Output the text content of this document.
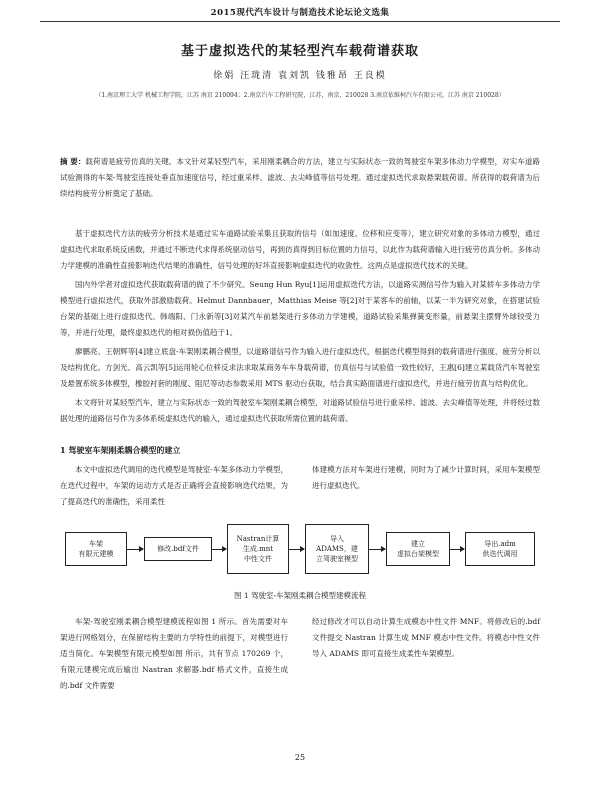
2015现代汽车设计与制造技术论坛论文选集
基于虚拟迭代的某轻型汽车载荷谱获取
徐娟 汪珑清 袁刘凯 钱雅昂 王良模
（1.南京理工大学 机械工程学院，江苏 南京 210094；2.南京汽车工程研究院，江苏，南京，210028 3.南京依维柯汽车有限公司，江苏 南京 210028）
摘 要：载荷谱是疲劳仿真的关键。本文针对某轻型汽车，采用刚柔耦合的方法，建立与实际状态一致的驾驶室车架多体动力学模型，对实车道路试验测得的车架-驾驶室连接处垂直加速度信号，经过重采样、滤波、去尖峰值等信号处理。通过虚拟迭代求取悬架载荷谱。所获得的载荷谱为后续结构疲劳分析奠定了基础。

基于虚拟迭代方法的疲劳分析技术是通过实车道路试验采集且获取的信号（如加速度、位移和应变等），建立研究对象的多体动力模型，通过虚拟迭代求取系统反函数，并通过不断迭代求得系统驱动信号，再到仿真得到目标位置的力信号，以此作为载荷谱输入进行疲劳仿真分析。多体动力学建模的准确性直接影响迭代结果的准确性，信号处理的好坏直接影响虚拟迭代的收敛性。这两点是虚拟迭代技术的关键。

国内外学者对虚拟迭代获取载荷谱的做了不少研究。Seung Hun Ryu[1]运用虚拟迭代方法，以道路实测信号作为输入对某轿车多体动力学模型进行虚拟迭代，获取外部激励载荷。Helmut Dannbauer，Matthias Meise 等[2]对于某客车的前轴，以某一半为研究对象，在搭建试验台架的基础上进行虚拟迭代。韩端阳、门永新等[3]对某汽车前悬架进行多体动力学建模，道路试验采集弹簧变形量，前悬架主摆臂外球铰受力等，并进行处理，最终虚拟迭代的相对损伤值趋于1。

廖鹏亮、王朝辉等[4]建立底盘-车架刚柔耦合模型，以道路谱信号作为输入进行虚拟迭代，根据迭代模型得到的载荷谱进行强度、疲劳分析以及结构优化。方剑光、高云凯等[5]运用轮心位移反求法求取某商务车车身载荷谱，仿真信号与试验值一致性较好，王惠[6]建立某载货汽车驾驶室及悬置系统多体模型，橡胶衬套的刚度、阻尼等动态参数采用 MTS 驱动台获取，结合真实路面谱进行虚拟迭代，并进行疲劳仿真与结构优化。

本文将针对某轻型汽车，建立与实际状态一致的驾驶室车架刚柔耦合模型，对道路试验信号进行重采样、滤波、去尖峰值等处理，并将经过数据处理的道路信号作为多体系统虚拟迭代的输入，通过虚拟迭代获取所需位置的载荷谱。

1 驾驶室车架刚柔耦合模型的建立

本文中虚拟迭代调用的迭代模型是驾驶室-车架多体动力学模型，在迭代过程中，车架的运动方式是否正确将会直接影响迭代结果，为了提高迭代的准确性，采用柔性

体建模方法对车架进行建模，同时为了减少计算时间，采用车架模型进行虚拟迭代。

车架
有限元建模
修改.bdf文件
Nastran计算
生成.mnt
中性文件
导入
ADAMS，建
立驾驶室模型
建立
虚拟台架模型
导出.adm
供迭代调用
图 1 驾驶室-车架刚柔耦合模型建模流程

车架-驾驶室刚柔耦合模型建模流程如图 1 所示。首先需要对车架进行网格划分，在保留结构主要的力学特性的前提下，对模型进行适当简化。车架模型有限元模型如图 所示，共有节点 170269 个，有限元建模完成后输出 Nastran 求解器.bdf 格式文件，直接生成的.bdf 文件需要

经过修改才可以自动计算生成模态中性文件 MNF。将修改后的.bdf 文件提交 Nastran 计算生成 MNF 模态中性文件。将模态中性文件导入 ADAMS 即可直接生成柔性车架模型。

25
